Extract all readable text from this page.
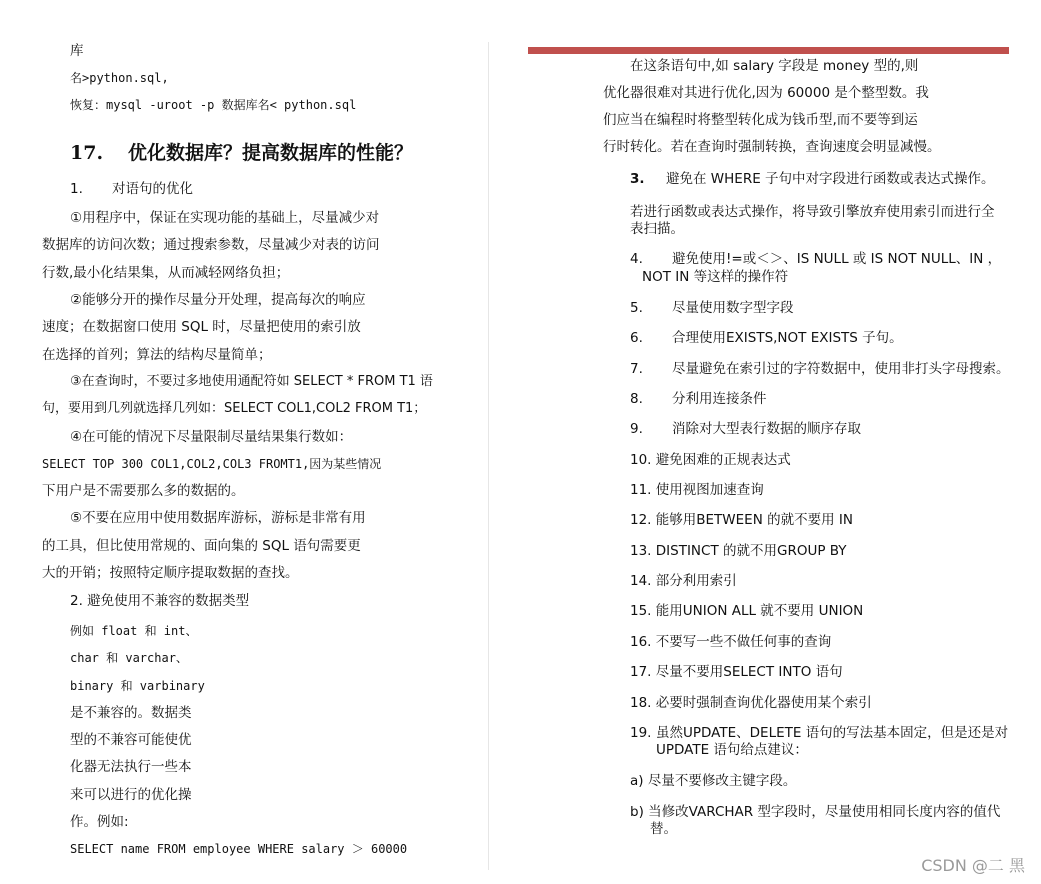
库
名>python.sql,
恢复：mysql -uroot -p 数据库名< python.sql
17. 优化数据库？提高数据库的性能？
1. 对语句的优化
①用程序中，保证在实现功能的基础上，尽量减少对
数据库的访问次数；通过搜索参数，尽量减少对表的访问
行数,最小化结果集，从而减轻网络负担；
②能够分开的操作尽量分开处理，提高每次的响应
速度；在数据窗口使用 SQL 时，尽量把使用的索引放
在选择的首列；算法的结构尽量简单；
③在查询时，不要过多地使用通配符如 SELECT * FROM T1 语
句，要用到几列就选择几列如：SELECT COL1,COL2 FROM T1；
④在可能的情况下尽量限制尽量结果集行数如：
SELECT TOP 300 COL1,COL2,COL3 FROMT1,因为某些情况
下用户是不需要那么多的数据的。
⑤不要在应用中使用数据库游标，游标是非常有用
的工具，但比使用常规的、面向集的 SQL 语句需要更
大的开销；按照特定顺序提取数据的查找。
2. 避免使用不兼容的数据类型
例如 float 和 int、
char 和 varchar、
binary 和 varbinary
是不兼容的。数据类
型的不兼容可能使优
化器无法执行一些本
来可以进行的优化操
作。例如:
SELECT name FROM employee WHERE salary ＞ 60000
在这条语句中,如 salary 字段是 money 型的,则
优化器很难对其进行优化,因为 60000 是个整型数。我
们应当在编程时将整型转化成为钱币型,而不要等到运
行时转化。若在查询时强制转换，查询速度会明显减慢。
3. 避免在 WHERE 子句中对字段进行函数或表达式操作。
若进行函数或表达式操作，将导致引擎放弃使用索引而进行全
表扫描。
4. 避免使用!=或＜＞、IS NULL 或 IS NOT NULL、IN ，
NOT IN 等这样的操作符
5. 尽量使用数字型字段
6. 合理使用EXISTS,NOT EXISTS 子句。
7. 尽量避免在索引过的字符数据中，使用非打头字母搜索。
8. 分利用连接条件
9. 消除对大型表行数据的顺序存取
10. 避免困难的正规表达式
11. 使用视图加速查询
12. 能够用BETWEEN 的就不要用 IN
13. DISTINCT 的就不用GROUP BY
14. 部分利用索引
15. 能用UNION ALL 就不要用 UNION
16. 不要写一些不做任何事的查询
17. 尽量不要用SELECT INTO 语句
18. 必要时强制查询优化器使用某个索引
19. 虽然UPDATE、DELETE 语句的写法基本固定，但是还是对
UPDATE 语句给点建议：
a) 尽量不要修改主键字段。
b) 当修改VARCHAR 型字段时，尽量使用相同长度内容的值代
替。
CSDN @二 黑
